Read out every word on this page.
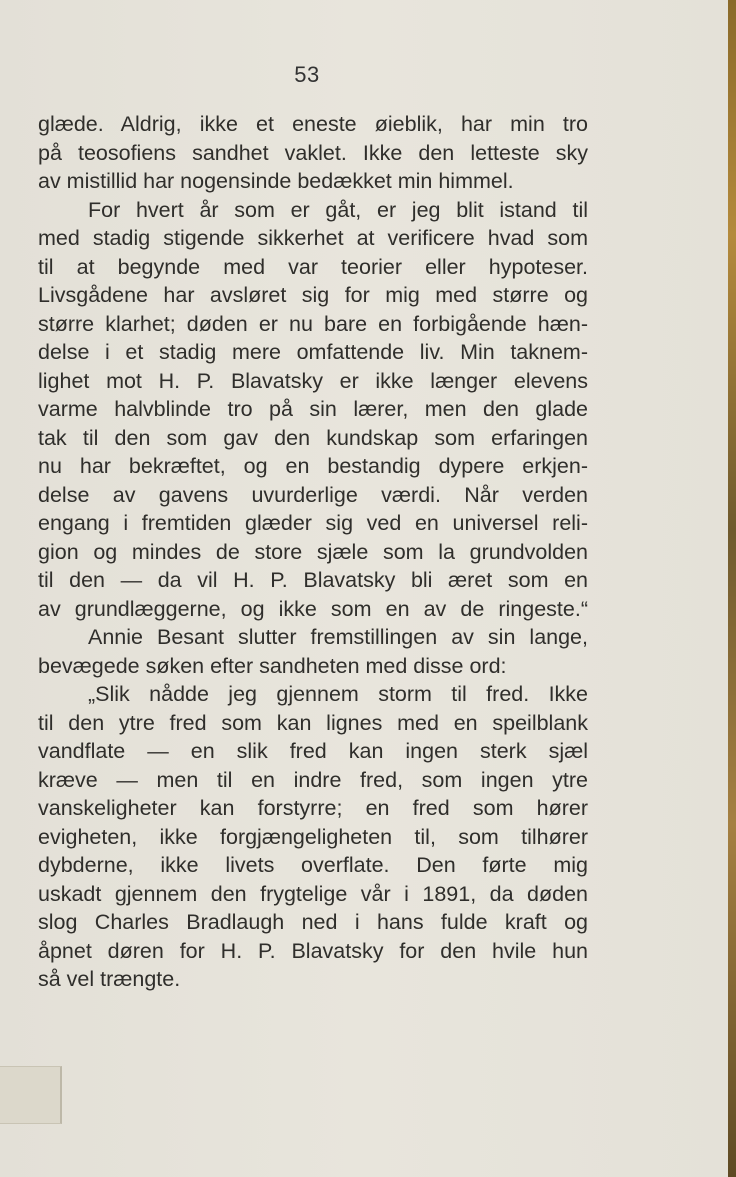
53
glæde. Aldrig, ikke et eneste øieblik, har min tro
på teosofiens sandhet vaklet. Ikke den letteste sky
av mistillid har nogensinde bedækket min himmel.
For hvert år som er gåt, er jeg blit istand til
med stadig stigende sikkerhet at verificere hvad som
til at begynde med var teorier eller hypoteser.
Livsgådene har avsløret sig for mig med større og
større klarhet; døden er nu bare en forbigående hæn-
delse i et stadig mere omfattende liv. Min taknem-
lighet mot H. P. Blavatsky er ikke længer elevens
varme halvblinde tro på sin lærer, men den glade
tak til den som gav den kundskap som erfaringen
nu har bekræftet, og en bestandig dypere erkjen-
delse av gavens uvurderlige værdi. Når verden
engang i fremtiden glæder sig ved en universel reli-
gion og mindes de store sjæle som la grundvolden
til den — da vil H. P. Blavatsky bli æret som en
av grundlæggerne, og ikke som en av de ringeste.“
Annie Besant slutter fremstillingen av sin lange,
bevægede søken efter sandheten med disse ord:
„Slik nådde jeg gjennem storm til fred. Ikke
til den ytre fred som kan lignes med en speilblank
vandflate — en slik fred kan ingen sterk sjæl
kræve — men til en indre fred, som ingen ytre
vanskeligheter kan forstyrre; en fred som hører
evigheten, ikke forgjængeligheten til, som tilhører
dybderne, ikke livets overflate. Den førte mig
uskadt gjennem den frygtelige vår i 1891, da døden
slog Charles Bradlaugh ned i hans fulde kraft og
åpnet døren for H. P. Blavatsky for den hvile hun
så vel trængte.
